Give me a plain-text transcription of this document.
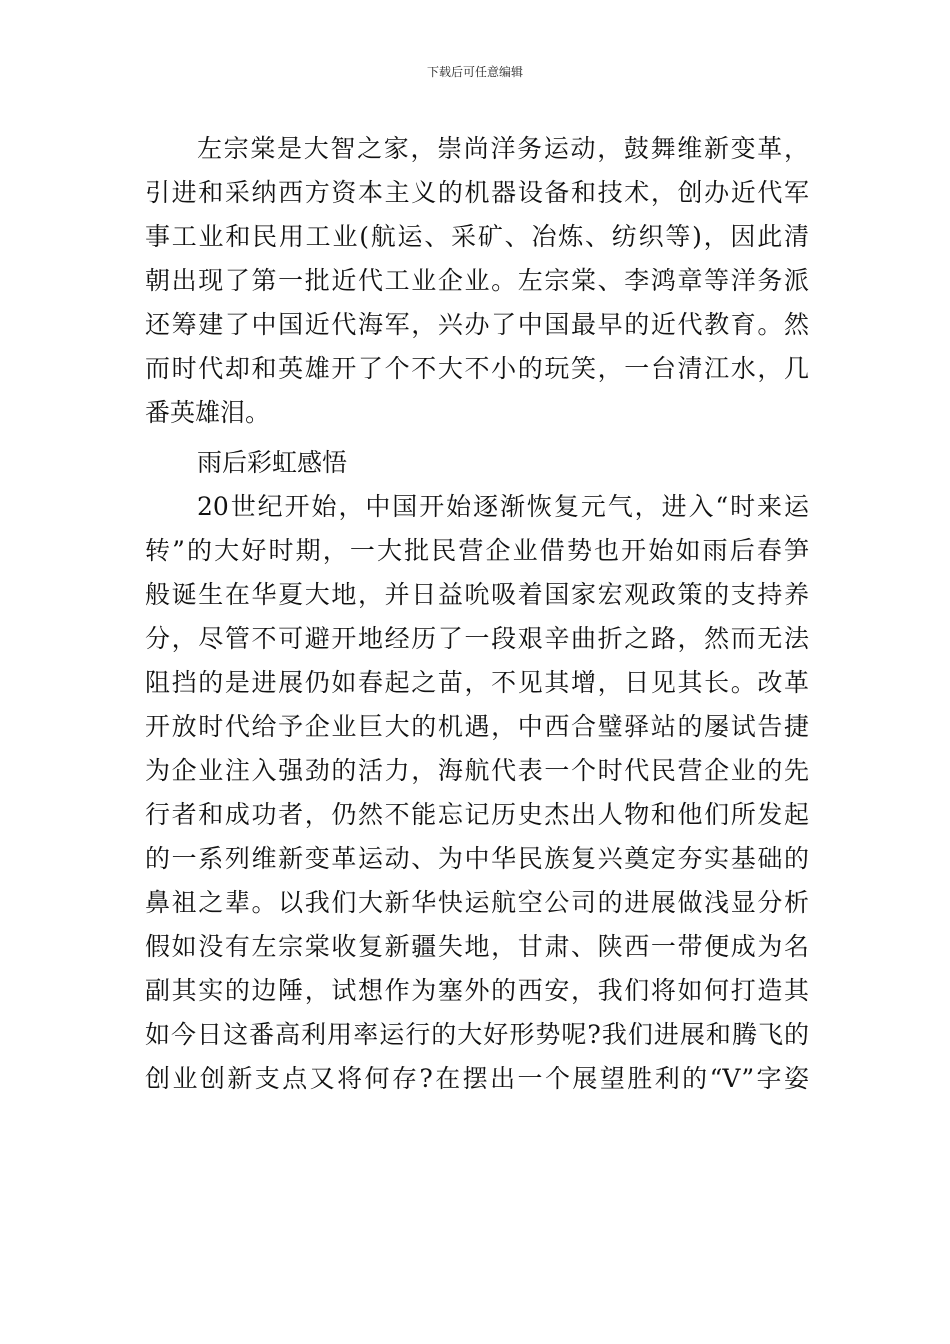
下载后可任意编辑
左宗棠是大智之家，崇尚洋务运动，鼓舞维新变革，
引进和采纳西方资本主义的机器设备和技术，创办近代军
事工业和民用工业(航运、采矿、冶炼、纺织等)，因此清
朝出现了第一批近代工业企业。左宗棠、李鸿章等洋务派
还筹建了中国近代海军，兴办了中国最早的近代教育。然
而时代却和英雄开了个不大不小的玩笑，一台清江水，几
番英雄泪。
雨后彩虹感悟
20世纪开始，中国开始逐渐恢复元气，进入“时来运
转”的大好时期，一大批民营企业借势也开始如雨后春笋
般诞生在华夏大地，并日益吮吸着国家宏观政策的支持养
分，尽管不可避开地经历了一段艰辛曲折之路，然而无法
阻挡的是进展仍如春起之苗，不见其增，日见其长。改革
开放时代给予企业巨大的机遇，中西合璧驿站的屡试告捷
为企业注入强劲的活力，海航代表一个时代民营企业的先
行者和成功者，仍然不能忘记历史杰出人物和他们所发起
的一系列维新变革运动、为中华民族复兴奠定夯实基础的
鼻祖之辈。以我们大新华快运航空公司的进展做浅显分析
假如没有左宗棠收复新疆失地，甘肃、陕西一带便成为名
副其实的边陲，试想作为塞外的西安，我们将如何打造其
如今日这番高利用率运行的大好形势呢?我们进展和腾飞的
创业创新支点又将何存?在摆出一个展望胜利的“V”字姿
